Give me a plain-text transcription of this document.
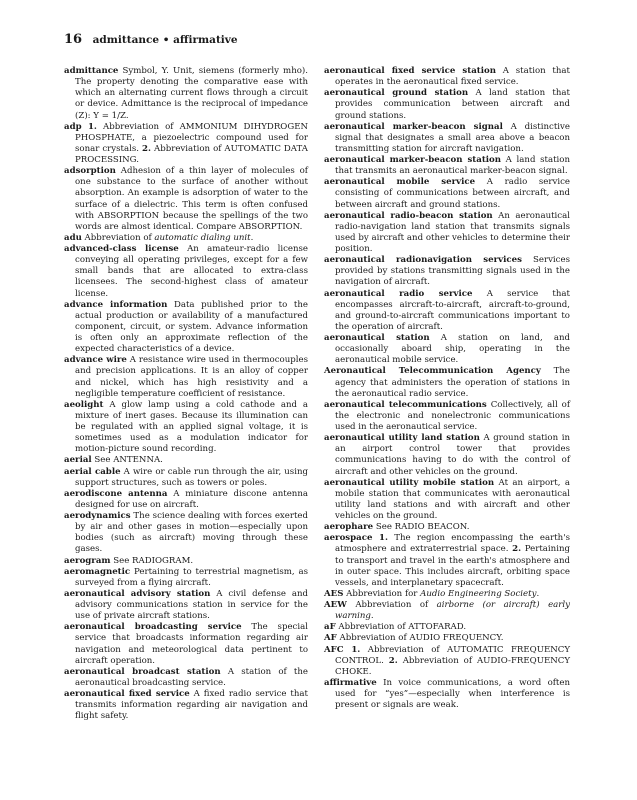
16 admittance • affirmative

admittance Symbol, Y. Unit, siemens (formerly mho). The property denoting the comparative ease with which an alternating current flows through a circuit or device. Admittance is the reciprocal of impedance (Z): Y = 1/Z.

adp 1. Abbreviation of AMMONIUM DIHYDROGEN PHOSPHATE, a piezoelectric compound used for sonar crystals. 2. Abbreviation of AUTOMATIC DATA PROCESSING.

adsorption Adhesion of a thin layer of molecules of one substance to the surface of another without absorption. An example is adsorption of water to the surface of a dielectric. This term is often confused with ABSORPTION because the spellings of the two words are almost identical. Compare ABSORPTION.

adu Abbreviation of automatic dialing unit.

advanced-class license An amateur-radio license conveying all operating privileges, except for a few small bands that are allocated to extra-class licensees. The second-highest class of amateur license.

advance information Data published prior to the actual production or availability of a manufactured component, circuit, or system. Advance information is often only an approximate reflection of the expected characteristics of a device.

advance wire A resistance wire used in thermocouples and precision applications. It is an alloy of copper and nickel, which has high resistivity and a negligible temperature coefficient of resistance.

aeolight A glow lamp using a cold cathode and a mixture of inert gases. Because its illumination can be regulated with an applied signal voltage, it is sometimes used as a modulation indicator for motion-picture sound recording.

aerial See ANTENNA.

aerial cable A wire or cable run through the air, using support structures, such as towers or poles.

aerodiscone antenna A miniature discone antenna designed for use on aircraft.

aerodynamics The science dealing with forces exerted by air and other gases in motion—especially upon bodies (such as aircraft) moving through these gases.

aerogram See RADIOGRAM.

aeromagnetic Pertaining to terrestrial magnetism, as surveyed from a flying aircraft.

aeronautical advisory station A civil defense and advisory communications station in service for the use of private aircraft stations.

aeronautical broadcasting service The special service that broadcasts information regarding air navigation and meteorological data pertinent to aircraft operation.

aeronautical broadcast station A station of the aeronautical broadcasting service.

aeronautical fixed service A fixed radio service that transmits information regarding air navigation and flight safety.

aeronautical fixed service station A station that operates in the aeronautical fixed service.

aeronautical ground station A land station that provides communication between aircraft and ground stations.

aeronautical marker-beacon signal A distinctive signal that designates a small area above a beacon transmitting station for aircraft navigation.

aeronautical marker-beacon station A land station that transmits an aeronautical marker-beacon signal.

aeronautical mobile service A radio service consisting of communications between aircraft, and between aircraft and ground stations.

aeronautical radio-beacon station An aeronautical radio-navigation land station that transmits signals used by aircraft and other vehicles to determine their position.

aeronautical radionavigation services Services provided by stations transmitting signals used in the navigation of aircraft.

aeronautical radio service A service that encompasses aircraft-to-aircraft, aircraft-to-ground, and ground-to-aircraft communications important to the operation of aircraft.

aeronautical station A station on land, and occasionally aboard ship, operating in the aeronautical mobile service.

Aeronautical Telecommunication Agency The agency that administers the operation of stations in the aeronautical radio service.

aeronautical telecommunications Collectively, all of the electronic and nonelectronic communications used in the aeronautical service.

aeronautical utility land station A ground station in an airport control tower that provides communications having to do with the control of aircraft and other vehicles on the ground.

aeronautical utility mobile station At an airport, a mobile station that communicates with aeronautical utility land stations and with aircraft and other vehicles on the ground.

aerophare See RADIO BEACON.

aerospace 1. The region encompassing the earth's atmosphere and extraterrestrial space. 2. Pertaining to transport and travel in the earth's atmosphere and in outer space. This includes aircraft, orbiting space vessels, and interplanetary spacecraft.

AES Abbreviation for Audio Engineering Society.

AEW Abbreviation of airborne (or aircraft) early warning.

aF Abbreviation of ATTOFARAD.

AF Abbreviation of AUDIO FREQUENCY.

AFC 1. Abbreviation of AUTOMATIC FREQUENCY CONTROL. 2. Abbreviation of AUDIO-FREQUENCY CHOKE.

affirmative In voice communications, a word often used for “yes”—especially when interference is present or signals are weak.
